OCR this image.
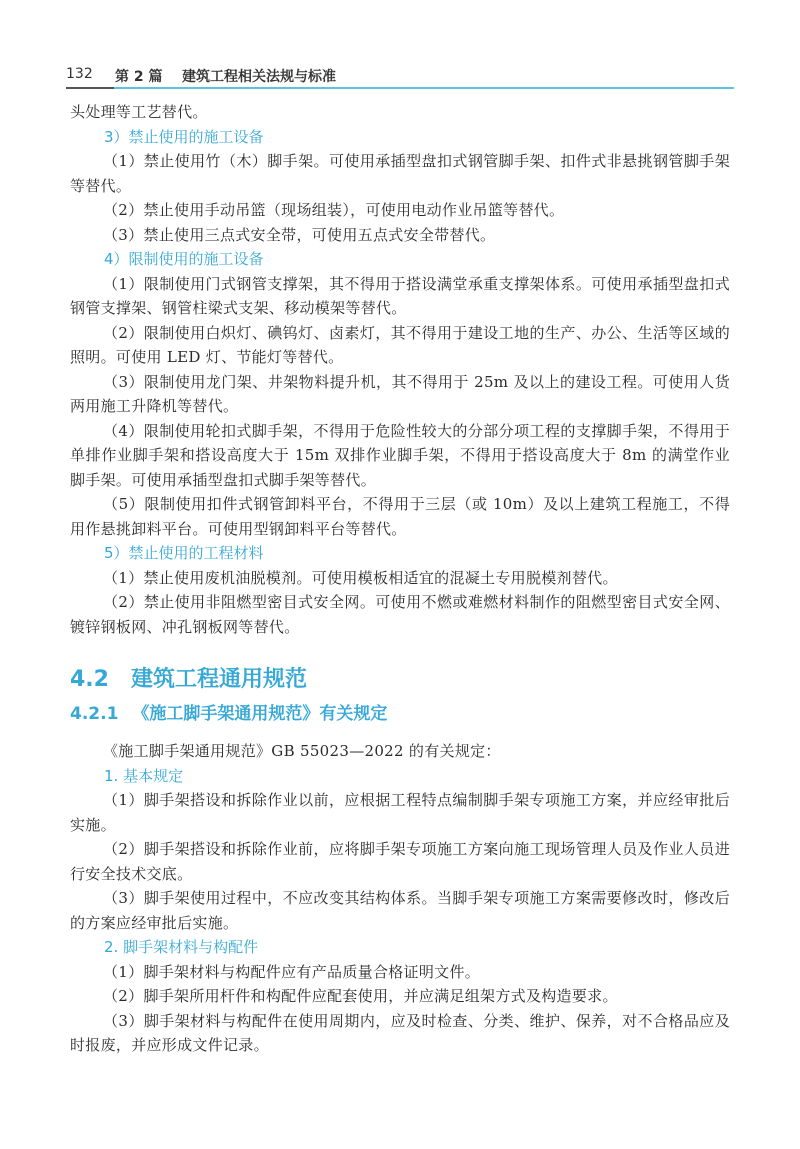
132 第 2 篇 建筑工程相关法规与标准

头处理等工艺替代。

3）禁止使用的施工设备

（1）禁止使用竹（木）脚手架。可使用承插型盘扣式钢管脚手架、扣件式非悬挑钢管脚手架等替代。

（2）禁止使用手动吊篮（现场组装），可使用电动作业吊篮等替代。

（3）禁止使用三点式安全带，可使用五点式安全带替代。

4）限制使用的施工设备

（1）限制使用门式钢管支撑架，其不得用于搭设满堂承重支撑架体系。可使用承插型盘扣式钢管支撑架、钢管柱梁式支架、移动模架等替代。

（2）限制使用白炽灯、碘钨灯、卤素灯，其不得用于建设工地的生产、办公、生活等区域的照明。可使用 LED 灯、节能灯等替代。

（3）限制使用龙门架、井架物料提升机，其不得用于 25m 及以上的建设工程。可使用人货两用施工升降机等替代。

（4）限制使用轮扣式脚手架，不得用于危险性较大的分部分项工程的支撑脚手架，不得用于单排作业脚手架和搭设高度大于 15m 双排作业脚手架，不得用于搭设高度大于 8m 的满堂作业脚手架。可使用承插型盘扣式脚手架等替代。

（5）限制使用扣件式钢管卸料平台，不得用于三层（或 10m）及以上建筑工程施工，不得用作悬挑卸料平台。可使用型钢卸料平台等替代。

5）禁止使用的工程材料

（1）禁止使用废机油脱模剂。可使用模板相适宜的混凝土专用脱模剂替代。

（2）禁止使用非阻燃型密目式安全网。可使用不燃或难燃材料制作的阻燃型密目式安全网、镀锌钢板网、冲孔钢板网等替代。

4.2 建筑工程通用规范
4.2.1 《施工脚手架通用规范》有关规定

《施工脚手架通用规范》GB 55023—2022 的有关规定：

1. 基本规定

（1）脚手架搭设和拆除作业以前，应根据工程特点编制脚手架专项施工方案，并应经审批后实施。

（2）脚手架搭设和拆除作业前，应将脚手架专项施工方案向施工现场管理人员及作业人员进行安全技术交底。

（3）脚手架使用过程中，不应改变其结构体系。当脚手架专项施工方案需要修改时，修改后的方案应经审批后实施。

2. 脚手架材料与构配件

（1）脚手架材料与构配件应有产品质量合格证明文件。

（2）脚手架所用杆件和构配件应配套使用，并应满足组架方式及构造要求。

（3）脚手架材料与构配件在使用周期内，应及时检查、分类、维护、保养，对不合格品应及时报废，并应形成文件记录。
